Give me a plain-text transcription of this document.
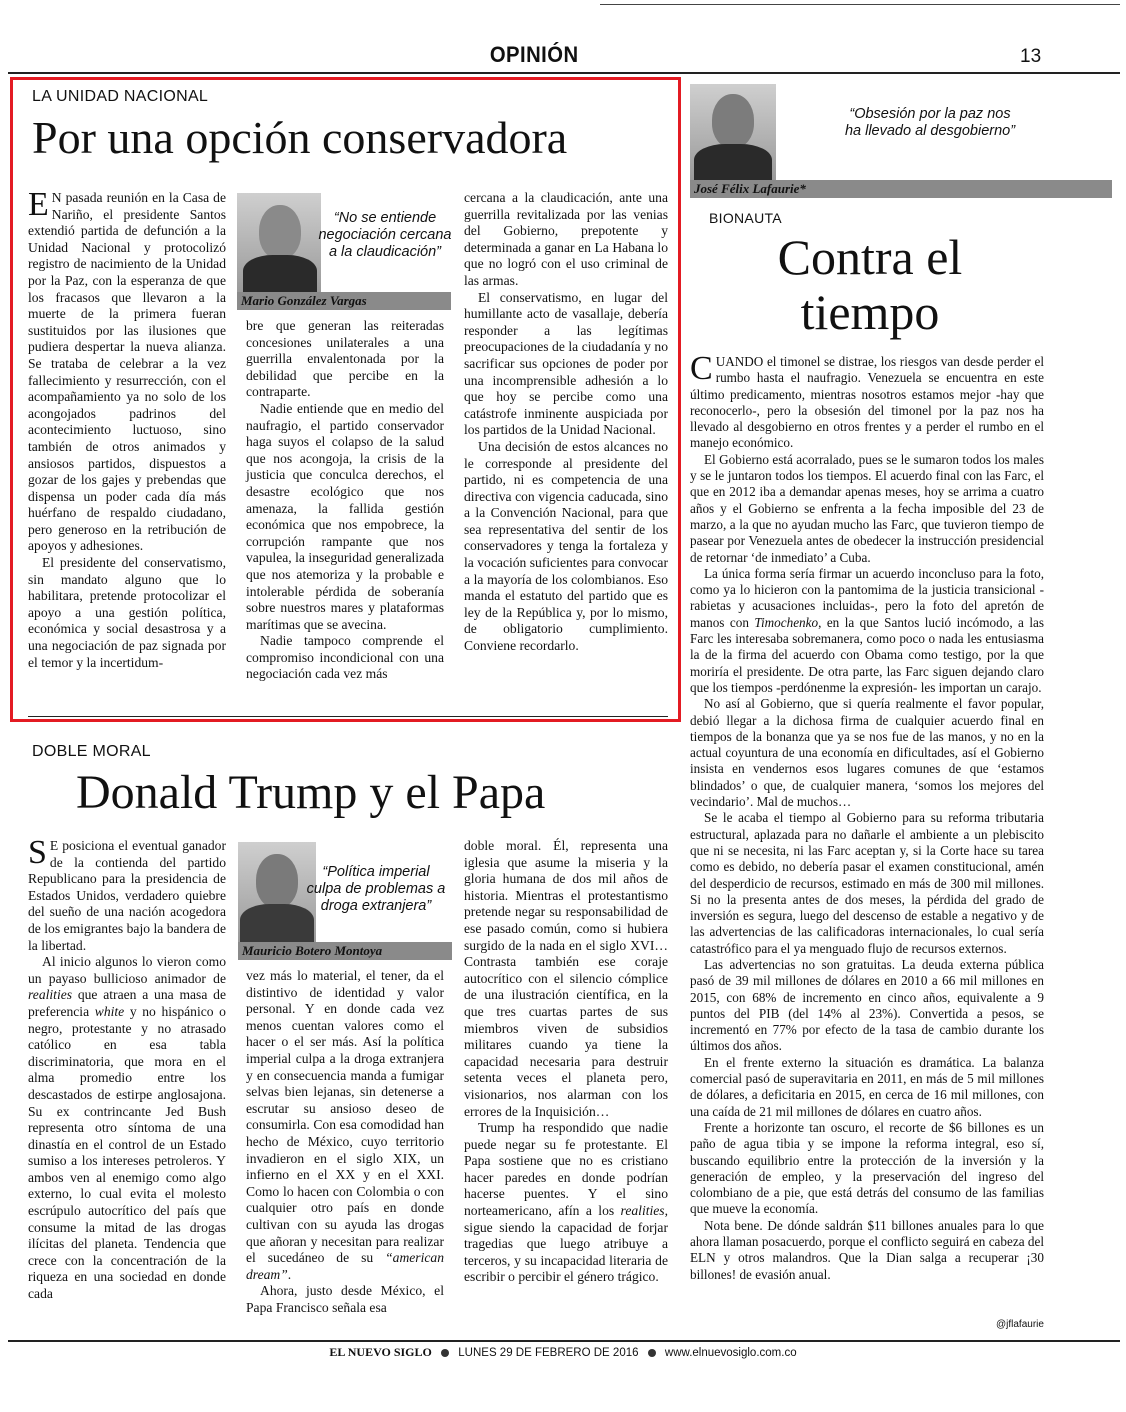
OPINIÓN	13
LA UNIDAD NACIONAL
Por una opción conservadora

E N pasada reunión en la Casa de Nariño, el presidente Santos extendió partida de defunción a la Unidad Nacional y protocolizó registro de nacimiento de la Unidad por la Paz, con la esperanza de que los fracasos que llevaron a la muerte de la primera fueran sustituidos por las ilusiones que pudiera despertar la nueva alianza. Se trataba de celebrar a la vez fallecimiento y resurrección, con el acompañamiento ya no solo de los acongojados padrinos del acontecimiento luctuoso, sino también de otros animados y ansiosos partidos, dispuestos a gozar de los gajes y prebendas que dispensa un poder cada día más huérfano de respaldo ciudadano, pero generoso en la retribución de apoyos y adhesiones.

El presidente del conservatismo, sin mandato alguno que lo habilitara, pretende protocolizar el apoyo a una gestión política, económica y social desastrosa y a una negociación de paz signada por el temor y la incertidum-

“No se entiende negociación cercana a la claudicación”
Mario González Vargas

bre que generan las reiteradas concesiones unilaterales a una guerrilla envalentonada por la debilidad que percibe en la contraparte.

Nadie entiende que en medio del naufragio, el partido conservador haga suyos el colapso de la salud que nos acongoja, la crisis de la justicia que conculca derechos, el desastre ecológico que nos amenaza, la fallida gestión económica que nos empobrece, la corrupción rampante que nos vapulea, la inseguridad generalizada que nos atemoriza y la probable e intolerable pérdida de soberanía sobre nuestros mares y plataformas marítimas que se avecina.

Nadie tampoco comprende el compromiso incondicional con una negociación cada vez más

cercana a la claudicación, ante una guerrilla revitalizada por las venias del Gobierno, prepotente y determinada a ganar en La Habana lo que no logró con el uso criminal de las armas.

El conservatismo, en lugar del humillante acto de vasallaje, debería responder a las legítimas preocupaciones de la ciudadanía y no sacrificar sus opciones de poder por una incomprensible adhesión a lo que hoy se percibe como una catástrofe inminente auspiciada por los partidos de la Unidad Nacional.

Una decisión de estos alcances no le corresponde al presidente del partido, ni es competencia de una directiva con vigencia caducada, sino a la Convención Nacional, para que sea representativa del sentir de los conservadores y tenga la fortaleza y la vocación suficientes para convocar a la mayoría de los colombianos. Eso manda el estatuto del partido que es ley de la República y, por lo mismo, de obligatorio cumplimiento. Conviene recordarlo.

“Obsesión por la paz nos ha llevado al desgobierno”
José Félix Lafaurie*
BIONAUTA
Contra el
tiempo

CUANDO el timonel se distrae, los riesgos van desde perder el rumbo hasta el naufragio. Venezuela se encuentra en este último predicamento, mientras nosotros estamos mejor -hay que reconocerlo-, pero la obsesión del timonel por la paz nos ha llevado al desgobierno en otros frentes y a perder el rumbo en el manejo económico.

El Gobierno está acorralado, pues se le sumaron todos los males y se le juntaron todos los tiempos. El acuerdo final con las Farc, el que en 2012 iba a demandar apenas meses, hoy se arrima a cuatro años y el Gobierno se enfrenta a la fecha imposible del 23 de marzo, a la que no ayudan mucho las Farc, que tuvieron tiempo de pasear por Venezuela antes de obedecer la instrucción presidencial de retornar ‘de inmediato’ a Cuba.

La única forma sería firmar un acuerdo inconcluso para la foto, como ya lo hicieron con la pantomima de la justicia transicional -rabietas y acusaciones incluidas-, pero la foto del apretón de manos con Timochenko, en la que Santos lució incómodo, a las Farc les interesaba sobremanera, como poco o nada les entusiasma la de la firma del acuerdo con Obama como testigo, por la que moriría el presidente. De otra parte, las Farc siguen dejando claro que los tiempos -perdónenme la expresión- les importan un carajo.

No así al Gobierno, que si quería realmente el favor popular, debió llegar a la dichosa firma de cualquier acuerdo final en tiempos de la bonanza que ya se nos fue de las manos, y no en la actual coyuntura de una economía en dificultades, así el Gobierno insista en vendernos esos lugares comunes de que ‘estamos blindados’ o que, de cualquier manera, ‘somos los mejores del vecindario’. Mal de muchos…

Se le acaba el tiempo al Gobierno para su reforma tributaria estructural, aplazada para no dañarle el ambiente a un plebiscito que ni se necesita, ni las Farc aceptan y, si la Corte hace su tarea como es debido, no debería pasar el examen constitucional, amén del desperdicio de recursos, estimado en más de 300 mil millones. Si no la presenta antes de dos meses, la pérdida del grado de inversión es segura, luego del descenso de estable a negativo y de las advertencias de las calificadoras internacionales, lo cual sería catastrófico para el ya menguado flujo de recursos externos.

Las advertencias no son gratuitas. La deuda externa pública pasó de 39 mil millones de dólares en 2010 a 66 mil millones en 2015, con 68% de incremento en cinco años, equivalente a 9 puntos del PIB (del 14% al 23%). Convertida a pesos, se incrementó en 77% por efecto de la tasa de cambio durante los últimos dos años.

En el frente externo la situación es dramática. La balanza comercial pasó de superavitaria en 2011, en más de 5 mil millones de dólares, a deficitaria en 2015, en cerca de 16 mil millones, con una caída de 21 mil millones de dólares en cuatro años.

Frente a horizonte tan oscuro, el recorte de $6 billones es un paño de agua tibia y se impone la reforma integral, eso sí, buscando equilibrio entre la protección de la inversión y la generación de empleo, y la preservación del ingreso del colombiano de a pie, que está detrás del consumo de las familias que mueve la economía.

Nota bene. De dónde saldrán $11 billones anuales para lo que ahora llaman posacuerdo, porque el conflicto seguirá en cabeza del ELN y otros malandros. Que la Dian salga a recuperar ¡30 billones! de evasión anual.

@jflafaurie
DOBLE MORAL
Donald Trump y el Papa

S E posiciona el eventual ganador de la contienda del partido Republicano para la presidencia de Estados Unidos, verdadero quiebre del sueño de una nación acogedora de los emigrantes bajo la bandera de la libertad.

Al inicio algunos lo vieron como un payaso bullicioso animador de realities que atraen a una masa de preferencia white y no hispánico o negro, protestante y no atrasado católico en esa tabla discriminatoria, que mora en el alma promedio entre los descastados de estirpe anglosajona. Su ex contrincante Jed Bush representa otro síntoma de una dinastía en el control de un Estado sumiso a los intereses petroleros. Y ambos ven al enemigo como algo externo, lo cual evita el molesto escrúpulo autocrítico del país que consume la mitad de las drogas ilícitas del planeta. Tendencia que crece con la concentración de la riqueza en una sociedad en donde cada

“Política imperial culpa de problemas a droga extranjera”
Mauricio Botero Montoya

vez más lo material, el tener, da el distintivo de identidad y valor personal. Y en donde cada vez menos cuentan valores como el hacer o el ser más. Así la política imperial culpa a la droga extranjera y en consecuencia manda a fumigar selvas bien lejanas, sin detenerse a escrutar su ansioso deseo de consumirla. Con esa comodidad han hecho de México, cuyo territorio invadieron en el siglo XIX, un infierno en el XX y en el XXI. Como lo hacen con Colombia o con cualquier otro país en donde cultivan con su ayuda las drogas que añoran y necesitan para realizar el sucedáneo de su “american dream”.

Ahora, justo desde México, el Papa Francisco señala esa

doble moral. Él, representa una iglesia que asume la miseria y la gloria humana de dos mil años de historia. Mientras el protestantismo pretende negar su responsabilidad de ese pasado común, como si hubiera surgido de la nada en el siglo XVI… Contrasta también ese coraje autocrítico con el silencio cómplice de una ilustración científica, en la que tres cuartas partes de sus miembros viven de subsidios militares cuando ya tiene la capacidad necesaria para destruir setenta veces el planeta pero, visionarios, nos alarman con los errores de la Inquisición…

Trump ha respondido que nadie puede negar su fe protestante. El Papa sostiene que no es cristiano hacer paredes en donde podrían hacerse puentes. Y el sino norteamericano, afín a los realities, sigue siendo la capacidad de forjar tragedias que luego atribuye a terceros, y su incapacidad literaria de escribir o percibir el género trágico.

EL NUEVO SIGLO LUNES 29 DE FEBRERO DE 2016 www.elnuevosiglo.com.co
